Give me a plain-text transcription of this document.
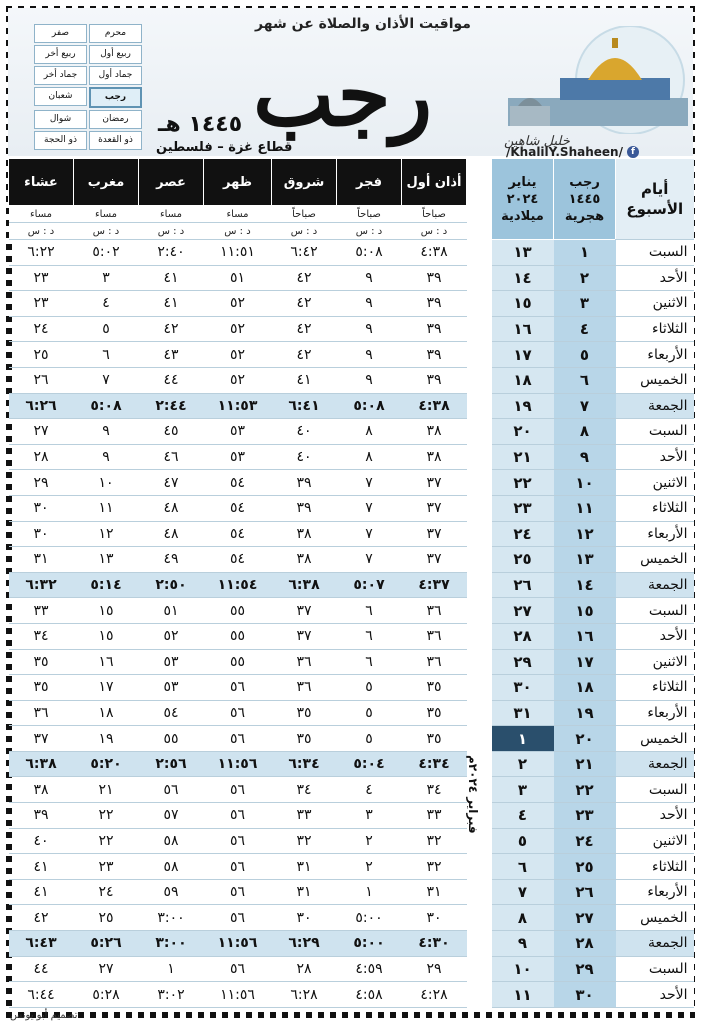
مواقيت الأذان والصلاة عن شهر
محرم
صفر
ربيع أول
ربيع أخر
جماد أول
جماد أخر
رجب
شعبان
رمضان
شوال
ذو القعدة
ذو الحجة رجب
١٤٤٥ هـ
قطاع غزة – فلسطين	خليل شاهين
/KhalilY.Shaheen/ f
أيام الأسبوع	رجب ١٤٤٥ هجرية	يناير ٢٠٢٤ ميلادية		أذان أول	فجر	شروق	ظهر	عصر	مغرب	عشاء
				صباحاً	صباحاً	صباحاً	مساء	مساء	مساء	مساء
				د : س	د : س	د : س	د : س	د : س	د : س	د : س
السبت	١	١٣		٤:٣٨	٥:٠٨	٦:٤٢	١١:٥١	٢:٤٠	٥:٠٢	٦:٢٢
الأحد	٢	١٤		٣٩	٩	٤٢	٥١	٤١	٣	٢٣
الاثنين	٣	١٥		٣٩	٩	٤٢	٥٢	٤١	٤	٢٣
الثلاثاء	٤	١٦		٣٩	٩	٤٢	٥٢	٤٢	٥	٢٤
الأربعاء	٥	١٧		٣٩	٩	٤٢	٥٢	٤٣	٦	٢٥
الخميس	٦	١٨		٣٩	٩	٤١	٥٢	٤٤	٧	٢٦
الجمعة	٧	١٩		٤:٣٨	٥:٠٨	٦:٤١	١١:٥٣	٢:٤٤	٥:٠٨	٦:٢٦
السبت	٨	٢٠		٣٨	٨	٤٠	٥٣	٤٥	٩	٢٧
الأحد	٩	٢١		٣٨	٨	٤٠	٥٣	٤٦	٩	٢٨
الاثنين	١٠	٢٢		٣٧	٧	٣٩	٥٤	٤٧	١٠	٢٩
الثلاثاء	١١	٢٣		٣٧	٧	٣٩	٥٤	٤٨	١١	٣٠
الأربعاء	١٢	٢٤		٣٧	٧	٣٨	٥٤	٤٨	١٢	٣٠
الخميس	١٣	٢٥		٣٧	٧	٣٨	٥٤	٤٩	١٣	٣١
الجمعة	١٤	٢٦		٤:٣٧	٥:٠٧	٦:٣٨	١١:٥٤	٢:٥٠	٥:١٤	٦:٣٢
السبت	١٥	٢٧		٣٦	٦	٣٧	٥٥	٥١	١٥	٣٣
الأحد	١٦	٢٨		٣٦	٦	٣٧	٥٥	٥٢	١٥	٣٤
الاثنين	١٧	٢٩		٣٦	٦	٣٦	٥٥	٥٣	١٦	٣٥
الثلاثاء	١٨	٣٠		٣٥	٥	٣٦	٥٦	٥٣	١٧	٣٥
الأربعاء	١٩	٣١		٣٥	٥	٣٥	٥٦	٥٤	١٨	٣٦
الخميس	٢٠	١		٣٥	٥	٣٥	٥٦	٥٥	١٩	٣٧
الجمعة	٢١	٢		٤:٣٤	٥:٠٤	٦:٣٤	١١:٥٦	٢:٥٦	٥:٢٠	٦:٣٨
السبت	٢٢	٣		٣٤	٤	٣٤	٥٦	٥٦	٢١	٣٨
الأحد	٢٣	٤		٣٣	٣	٣٣	٥٦	٥٧	٢٢	٣٩
الاثنين	٢٤	٥		٣٢	٢	٣٢	٥٦	٥٨	٢٢	٤٠
الثلاثاء	٢٥	٦		٣٢	٢	٣١	٥٦	٥٨	٢٣	٤١
الأربعاء	٢٦	٧		٣١	١	٣١	٥٦	٥٩	٢٤	٤١
الخميس	٢٧	٨		٣٠	٥:٠٠	٣٠	٥٦	٣:٠٠	٢٥	٤٢
الجمعة	٢٨	٩		٤:٣٠	٥:٠٠	٦:٢٩	١١:٥٦	٣:٠٠	٥:٢٦	٦:٤٣
السبت	٢٩	١٠		٢٩	٤:٥٩	٢٨	٥٦	١	٢٧	٤٤
الأحد	٣٠	١١		٤:٢٨	٤:٥٨	٦:٢٨	١١:٥٦	٣:٠٢	٥:٢٨	٦:٤٤
فبراير ٢٠٢٤م
تصميم أبو يونس
